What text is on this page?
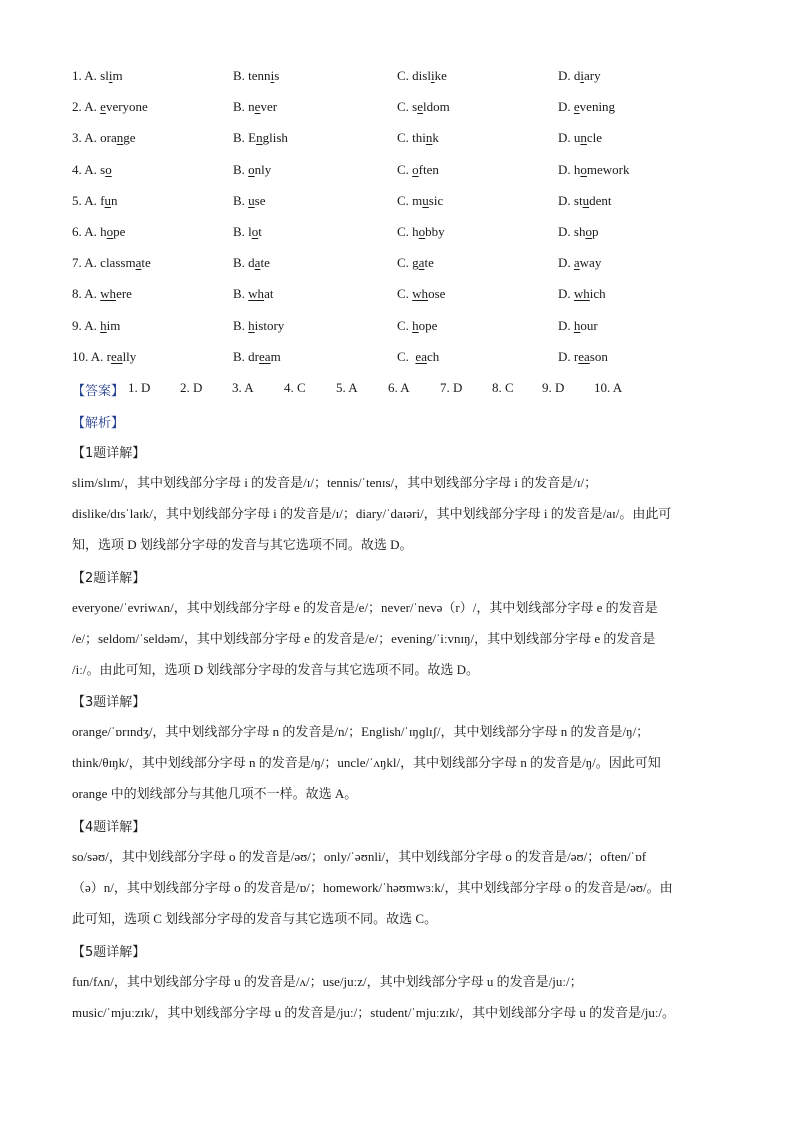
1. A. slim	B. tennis	C. dislike	D. diary
2. A. everyone	B. never	C. seldom	D. evening
3. A. orange	B. English	C. think	D. uncle
4. A. so	B. only	C. often	D. homework
5. A. fun	B. use	C. music	D. student
6. A. hope	B. lot	C. hobby	D. shop
7. A. classmate	B. date	C. gate	D. away
8. A. where	B. what	C. whose	D. which
9. A. him	B. history	C. hope	D. hour
10. A. really	B. dream	C.  each	D. reason
【答案】 1. D 2. D 3. A 4. C 5. A 6. A 7. D 8. C 9. D 10. A
【解析】
【1题详解】

slim/slɪm/，其中划线部分字母 i 的发音是/ɪ/；tennis/ˈtenɪs/，其中划线部分字母 i 的发音是/ɪ/；

dislike/dɪsˈlaɪk/，其中划线部分字母 i 的发音是/ɪ/；diary/ˈdaɪəri/，其中划线部分字母 i 的发音是/aɪ/。由此可

知，选项 D 划线部分字母的发音与其它选项不同。故选 D。

【2题详解】

everyone/ˈevriwʌn/，其中划线部分字母 e 的发音是/e/；never/ˈnevə（r）/，其中划线部分字母 e 的发音是

/e/；seldom/ˈseldəm/，其中划线部分字母 e 的发音是/e/；evening/ˈiːvnɪŋ/，其中划线部分字母 e 的发音是

/iː/。由此可知，选项 D 划线部分字母的发音与其它选项不同。故选 D。

【3题详解】

orange/ˈɒrɪndʒ/，其中划线部分字母 n 的发音是/n/；English/ˈɪŋɡlɪʃ/，其中划线部分字母 n 的发音是/ŋ/；

think/θɪŋk/，其中划线部分字母 n 的发音是/ŋ/；uncle/ˈʌŋkl/，其中划线部分字母 n 的发音是/ŋ/。因此可知

orange 中的划线部分与其他几项不一样。故选 A。

【4题详解】

so/səʊ/，其中划线部分字母 o 的发音是/əʊ/；only/ˈəʊnli/，其中划线部分字母 o 的发音是/əʊ/；often/ˈɒf

（ə）n/，其中划线部分字母 o 的发音是/ɒ/；homework/ˈhəʊmwɜːk/，其中划线部分字母 o 的发音是/əʊ/。由

此可知，选项 C 划线部分字母的发音与其它选项不同。故选 C。

【5题详解】

fun/fʌn/，其中划线部分字母 u 的发音是/ʌ/；use/juːz/，其中划线部分字母 u 的发音是/juː/；

music/ˈmjuːzɪk/，其中划线部分字母 u 的发音是/juː/；student/ˈmjuːzɪk/，其中划线部分字母 u 的发音是/juː/。
